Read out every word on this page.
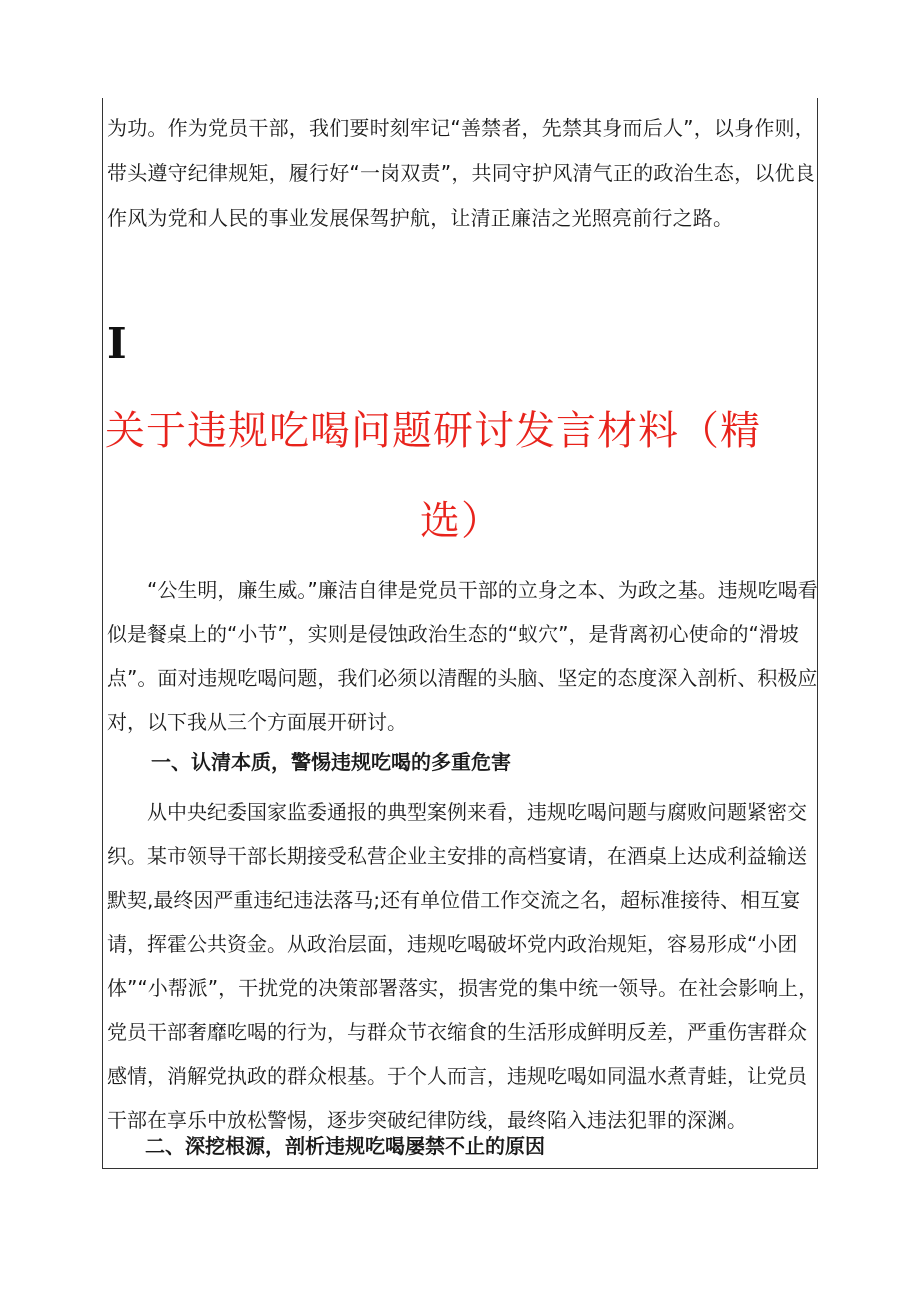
为功。作为党员干部，我们要时刻牢记“善禁者，先禁其身而后人”，以身作则，带头遵守纪律规矩，履行好“一岗双责”，共同守护风清气正的政治生态，以优良作风为党和人民的事业发展保驾护航，让清正廉洁之光照亮前行之路。

I
关于违规吃喝问题研讨发言材料（精
选）

“公生明，廉生威。”廉洁自律是党员干部的立身之本、为政之基。违规吃喝看似是餐桌上的“小节”，实则是侵蚀政治生态的“蚁穴”，是背离初心使命的“滑坡点”。面对违规吃喝问题，我们必须以清醒的头脑、坚定的态度深入剖析、积极应对，以下我从三个方面展开研讨。

一、认清本质，警惕违规吃喝的多重危害

从中央纪委国家监委通报的典型案例来看，违规吃喝问题与腐败问题紧密交织。某市领导干部长期接受私营企业主安排的高档宴请，在酒桌上达成利益输送默契,最终因严重违纪违法落马;还有单位借工作交流之名，超标准接待、相互宴请，挥霍公共资金。从政治层面，违规吃喝破坏党内政治规矩，容易形成“小团体”“小帮派”，干扰党的决策部署落实，损害党的集中统一领导。在社会影响上，党员干部奢靡吃喝的行为，与群众节衣缩食的生活形成鲜明反差，严重伤害群众感情，消解党执政的群众根基。于个人而言，违规吃喝如同温水煮青蛙，让党员干部在享乐中放松警惕，逐步突破纪律防线，最终陷入违法犯罪的深渊。

二、深挖根源，剖析违规吃喝屡禁不止的原因
